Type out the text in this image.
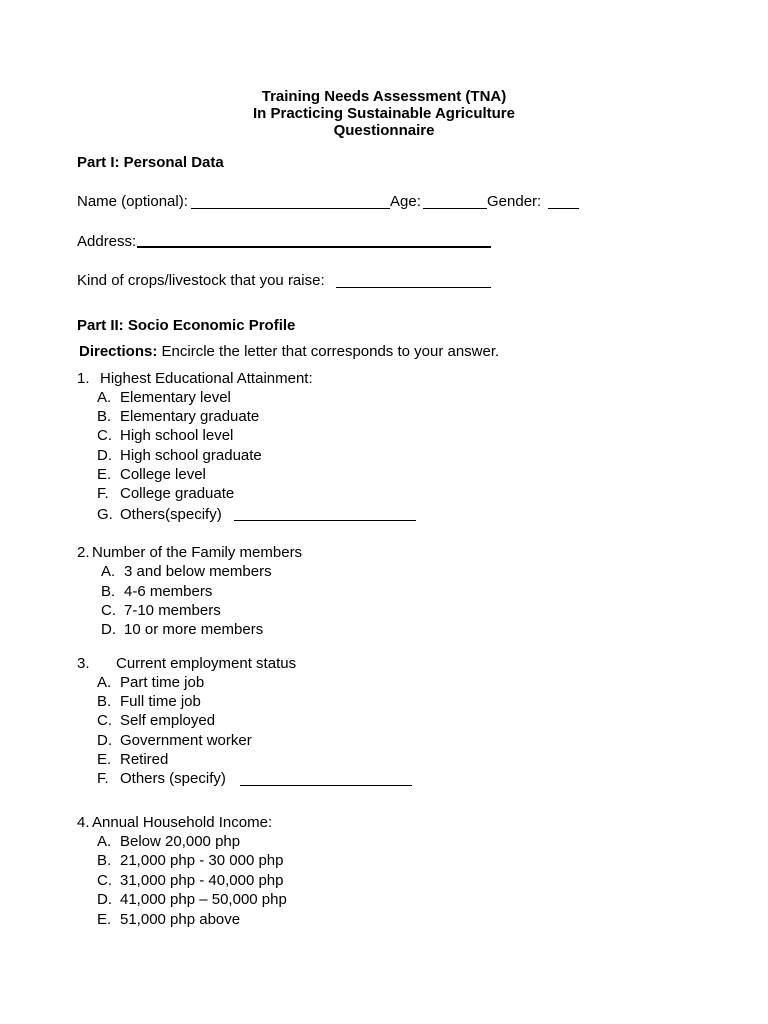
Training Needs Assessment (TNA)
In Practicing Sustainable Agriculture
Questionnaire
Part I: Personal Data
Name (optional):	Age:	Gender:
Address:
Kind of crops/livestock that you raise:
Part II: Socio Economic Profile
Directions: Encircle the letter that corresponds to your answer.
1. Highest Educational Attainment:
A. Elementary level
B. Elementary graduate
C. High school level
D. High school graduate
E. College level
F. College graduate
G. Others(specify)
2. Number of the Family members
A. 3 and below members
B. 4-6 members
C. 7-10 members
D. 10 or more members
3. Current employment status
A. Part time job
B. Full time job
C. Self employed
D. Government worker
E. Retired
F. Others (specify)
4. Annual Household Income:
A. Below 20,000 php
B. 21,000 php - 30 000 php
C. 31,000 php - 40,000 php
D. 41,000 php – 50,000 php
E. 51,000 php above
